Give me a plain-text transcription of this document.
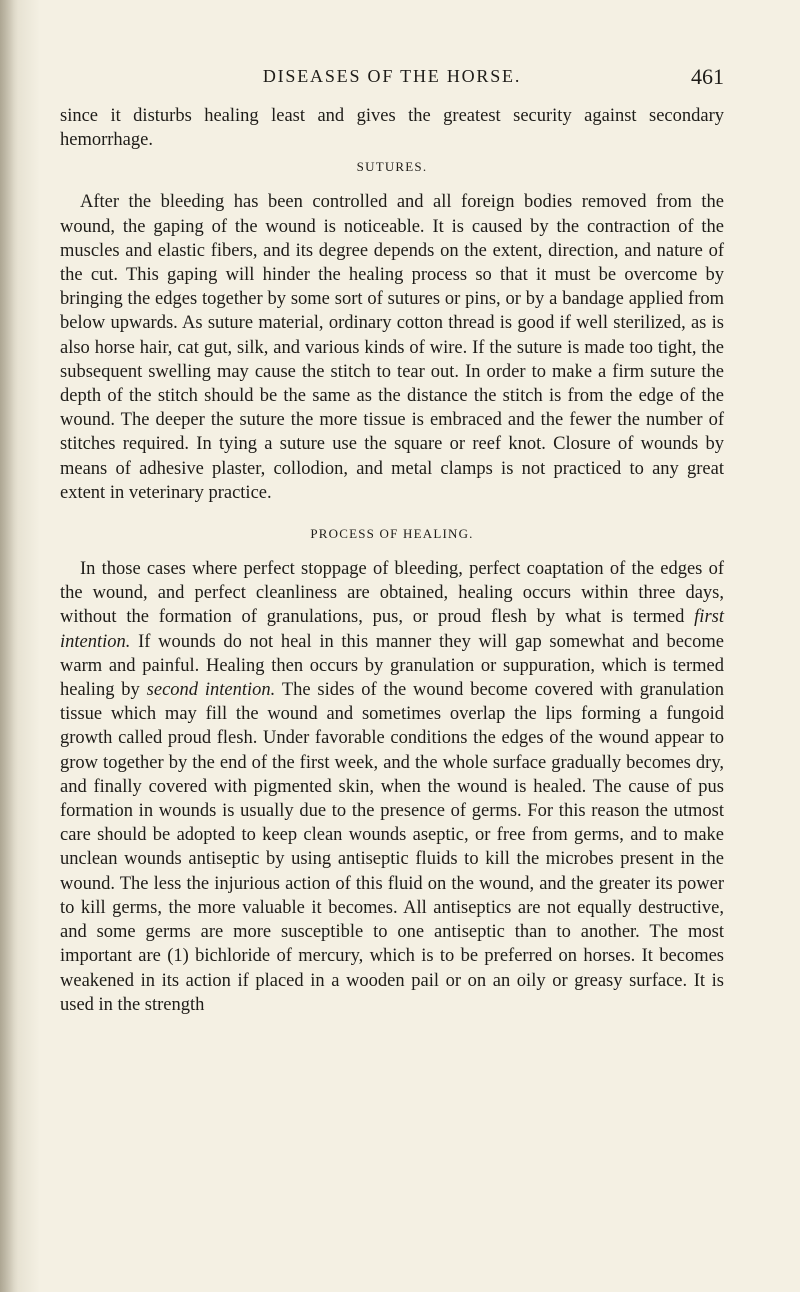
DISEASES OF THE HORSE.	461

since it disturbs healing least and gives the greatest security against secondary hemorrhage.

SUTURES.

After the bleeding has been controlled and all foreign bodies removed from the wound, the gaping of the wound is noticeable. It is caused by the contraction of the muscles and elastic fibers, and its degree depends on the extent, direction, and nature of the cut. This gaping will hinder the healing process so that it must be overcome by bringing the edges together by some sort of sutures or pins, or by a bandage applied from below upwards. As suture material, ordinary cotton thread is good if well sterilized, as is also horse hair, cat gut, silk, and various kinds of wire. If the suture is made too tight, the subsequent swelling may cause the stitch to tear out. In order to make a firm suture the depth of the stitch should be the same as the distance the stitch is from the edge of the wound. The deeper the suture the more tissue is embraced and the fewer the number of stitches required. In tying a suture use the square or reef knot. Closure of wounds by means of adhesive plaster, collodion, and metal clamps is not practiced to any great extent in veterinary practice.

PROCESS OF HEALING.

In those cases where perfect stoppage of bleeding, perfect coaptation of the edges of the wound, and perfect cleanliness are obtained, healing occurs within three days, without the formation of granulations, pus, or proud flesh by what is termed first intention. If wounds do not heal in this manner they will gap somewhat and become warm and painful. Healing then occurs by granulation or suppuration, which is termed healing by second intention. The sides of the wound become covered with granulation tissue which may fill the wound and sometimes overlap the lips forming a fungoid growth called proud flesh. Under favorable conditions the edges of the wound appear to grow together by the end of the first week, and the whole surface gradually becomes dry, and finally covered with pigmented skin, when the wound is healed. The cause of pus formation in wounds is usually due to the presence of germs. For this reason the utmost care should be adopted to keep clean wounds aseptic, or free from germs, and to make unclean wounds antiseptic by using antiseptic fluids to kill the microbes present in the wound. The less the injurious action of this fluid on the wound, and the greater its power to kill germs, the more valuable it becomes. All antiseptics are not equally destructive, and some germs are more susceptible to one antiseptic than to another. The most important are (1) bichloride of mercury, which is to be preferred on horses. It becomes weakened in its action if placed in a wooden pail or on an oily or greasy surface. It is used in the strength
